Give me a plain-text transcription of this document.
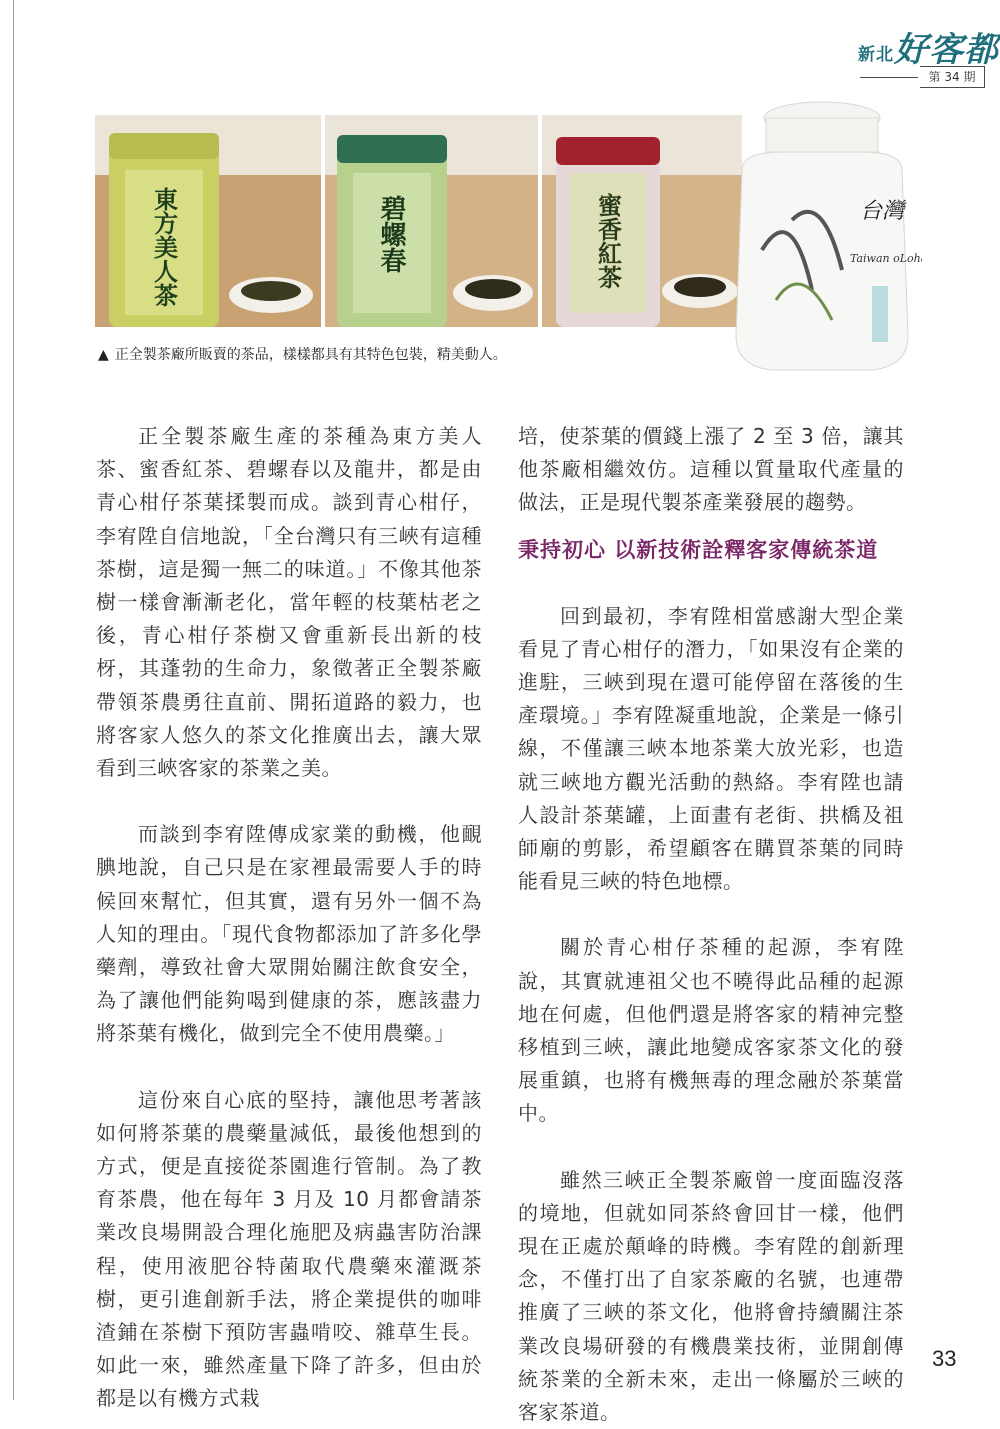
新北好客都
第 34 期
東方美人茶	碧螺春	蜜香紅茶	台灣
Taiwan oLoha
▲ 正全製茶廠所販賣的茶品，樣樣都具有其特色包裝，精美動人。

正全製茶廠生產的茶種為東方美人茶、蜜香紅茶、碧螺春以及龍井，都是由青心柑仔茶葉揉製而成。談到青心柑仔，李宥陞自信地說，「全台灣只有三峽有這種茶樹，這是獨一無二的味道。」不像其他茶樹一樣會漸漸老化，當年輕的枝葉枯老之後，青心柑仔茶樹又會重新長出新的枝枒，其蓬勃的生命力，象徵著正全製茶廠帶領茶農勇往直前、開拓道路的毅力，也將客家人悠久的茶文化推廣出去，讓大眾看到三峽客家的茶業之美。

而談到李宥陞傳成家業的動機，他靦腆地說，自己只是在家裡最需要人手的時候回來幫忙，但其實，還有另外一個不為人知的理由。「現代食物都添加了許多化學藥劑，導致社會大眾開始關注飲食安全，為了讓他們能夠喝到健康的茶，應該盡力將茶葉有機化，做到完全不使用農藥。」

這份來自心底的堅持，讓他思考著該如何將茶葉的農藥量減低，最後他想到的方式，便是直接從茶園進行管制。為了教育茶農，他在每年 3 月及 10 月都會請茶業改良場開設合理化施肥及病蟲害防治課程，使用液肥谷特菌取代農藥來灌溉茶樹，更引進創新手法，將企業提供的咖啡渣鋪在茶樹下預防害蟲啃咬、雜草生長。如此一來，雖然產量下降了許多，但由於都是以有機方式栽

培，使茶葉的價錢上漲了 2 至 3 倍，讓其他茶廠相繼效仿。這種以質量取代產量的做法，正是現代製茶產業發展的趨勢。

秉持初心 以新技術詮釋客家傳統茶道

回到最初，李宥陞相當感謝大型企業看見了青心柑仔的潛力，「如果沒有企業的進駐，三峽到現在還可能停留在落後的生產環境。」李宥陞凝重地說，企業是一條引線，不僅讓三峽本地茶業大放光彩，也造就三峽地方觀光活動的熱絡。李宥陞也請人設計茶葉罐，上面畫有老街、拱橋及祖師廟的剪影，希望顧客在購買茶葉的同時能看見三峽的特色地標。

關於青心柑仔茶種的起源，李宥陞說，其實就連祖父也不曉得此品種的起源地在何處，但他們還是將客家的精神完整移植到三峽，讓此地變成客家茶文化的發展重鎮，也將有機無毒的理念融於茶葉當中。

雖然三峽正全製茶廠曾一度面臨沒落的境地，但就如同茶終會回甘一樣，他們現在正處於顛峰的時機。李宥陞的創新理念，不僅打出了自家茶廠的名號，也連帶推廣了三峽的茶文化，他將會持續關注茶業改良場研發的有機農業技術，並開創傳統茶業的全新未來，走出一條屬於三峽的客家茶道。

33
